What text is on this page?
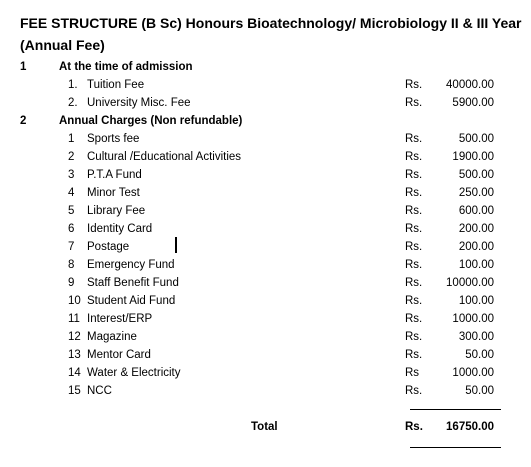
FEE STRUCTURE (B Sc) Honours Bioatechnology/ Microbiology II & III Year
(Annual Fee)
1	At the time of admission
1. Tuition Fee	Rs. 40000.00
2. University Misc. Fee	Rs.	5900.00
2	Annual Charges (Non refundable)
1	Sports fee	Rs.	500.00
2	Cultural /Educational Activities	Rs.	1900.00
3	P.T.A Fund	Rs.	500.00
4	Minor Test	Rs.	250.00
5	Library Fee	Rs.	600.00
6	Identity Card	Rs.	200.00
7	Postage	Rs.	200.00
8	Emergency Fund	Rs.	100.00
9	Staff Benefit Fund	Rs. 10000.00
10 Student Aid Fund	Rs.	100.00
11 Interest/ERP	Rs.	1000.00
12 Magazine	Rs.	300.00
13 Mentor Card	Rs.	50.00
14 Water & Electricity	Rs	1000.00
15 NCC	Rs.	50.00
Total	Rs. 16750.00
